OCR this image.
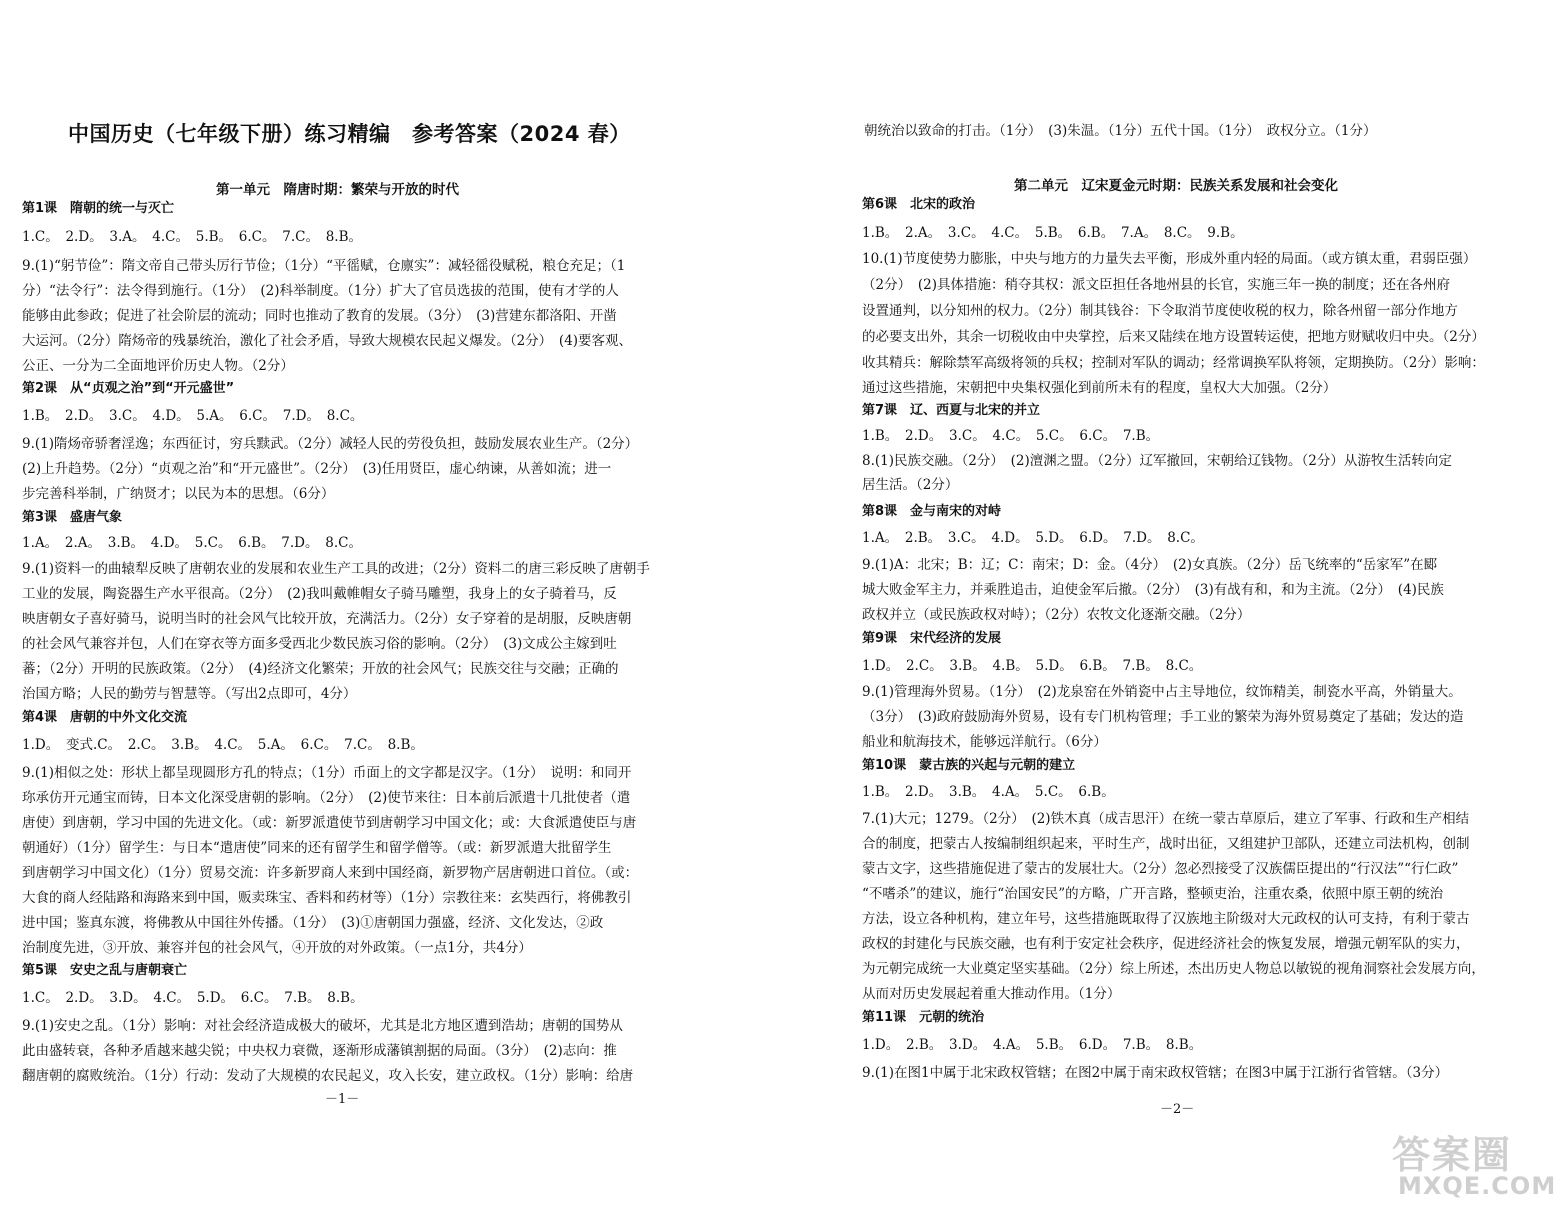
中国历史（七年级下册）练习精编　参考答案（2024 春）
第一单元　隋唐时期：繁荣与开放的时代
第1课　隋朝的统一与灭亡
1.C。　2.D。　3.A。　4.C。　5.B。　6.C。　7.C。　8.B。
9.(1)“躬节俭”：隋文帝自己带头厉行节俭；（1分）“平徭赋，仓廪实”：减轻徭役赋税，粮仓充足；（1
分）“法令行”：法令得到施行。（1分）　(2)科举制度。（1分）扩大了官员选拔的范围，使有才学的人
能够由此参政；促进了社会阶层的流动；同时也推动了教育的发展。（3分）　(3)营建东都洛阳、开凿
大运河。（2分）隋炀帝的残暴统治，激化了社会矛盾，导致大规模农民起义爆发。（2分）　(4)要客观、
公正、一分为二全面地评价历史人物。（2分）
第2课　从“贞观之治”到“开元盛世”
1.B。　2.D。　3.C。　4.D。　5.A。　6.C。　7.D。　8.C。
9.(1)隋炀帝骄奢淫逸；东西征讨，穷兵黩武。（2分）减轻人民的劳役负担，鼓励发展农业生产。（2分）
(2)上升趋势。（2分）“贞观之治”和“开元盛世”。（2分）　(3)任用贤臣，虚心纳谏，从善如流；进一
步完善科举制，广纳贤才；以民为本的思想。（6分）
第3课　盛唐气象
1.A。　2.A。　3.B。　4.D。　5.C。　6.B。　7.D。　8.C。
9.(1)资料一的曲辕犁反映了唐朝农业的发展和农业生产工具的改进；（2分）资料二的唐三彩反映了唐朝手
工业的发展，陶瓷器生产水平很高。（2分）　(2)我叫戴帷帽女子骑马雕塑，我身上的女子骑着马，反
映唐朝女子喜好骑马，说明当时的社会风气比较开放，充满活力。（2分）女子穿着的是胡服，反映唐朝
的社会风气兼容并包，人们在穿衣等方面多受西北少数民族习俗的影响。（2分）　(3)文成公主嫁到吐
蕃；（2分）开明的民族政策。（2分）　(4)经济文化繁荣；开放的社会风气；民族交往与交融；正确的
治国方略；人民的勤劳与智慧等。（写出2点即可，4分）
第4课　唐朝的中外文化交流
1.D。　变式.C。　2.C。　3.B。　4.C。　5.A。　6.C。　7.C。　8.B。
9.(1)相似之处：形状上都呈现圆形方孔的特点；（1分）币面上的文字都是汉字。（1分）　说明：和同开
珎承仿开元通宝而铸，日本文化深受唐朝的影响。（2分）　(2)使节来往：日本前后派遣十几批使者（遣
唐使）到唐朝，学习中国的先进文化。（或：新罗派遣使节到唐朝学习中国文化；或：大食派遣使臣与唐
朝通好）（1分）留学生：与日本“遣唐使”同来的还有留学生和留学僧等。（或：新罗派遣大批留学生
到唐朝学习中国文化）（1分）贸易交流：许多新罗商人来到中国经商，新罗物产居唐朝进口首位。（或：
大食的商人经陆路和海路来到中国，贩卖珠宝、香料和药材等）（1分）宗教往来：玄奘西行，将佛教引
进中国；鉴真东渡，将佛教从中国往外传播。（1分）　(3)①唐朝国力强盛，经济、文化发达，②政
治制度先进，③开放、兼容并包的社会风气，④开放的对外政策。（一点1分，共4分）
第5课　安史之乱与唐朝衰亡
1.C。　2.D。　3.D。　4.C。　5.D。　6.C。　7.B。　8.B。
9.(1)安史之乱。（1分）影响：对社会经济造成极大的破坏，尤其是北方地区遭到浩劫；唐朝的国势从
此由盛转衰，各种矛盾越来越尖锐；中央权力衰微，逐渐形成藩镇割据的局面。（3分）　(2)志向：推
翻唐朝的腐败统治。（1分）行动：发动了大规模的农民起义，攻入长安，建立政权。（1分）影响：给唐
－1－
朝统治以致命的打击。（1分）　(3)朱温。（1分）五代十国。（1分）　政权分立。（1分）
第二单元　辽宋夏金元时期：民族关系发展和社会变化
第6课　北宋的政治
1.B。　2.A。　3.C。　4.C。　5.B。　6.B。　7.A。　8.C。　9.B。
10.(1)节度使势力膨胀，中央与地方的力量失去平衡，形成外重内轻的局面。（或方镇太重，君弱臣强）
（2分）　(2)具体措施：稍夺其权：派文臣担任各地州县的长官，实施三年一换的制度；还在各州府
设置通判，以分知州的权力。（2分）制其钱谷：下令取消节度使收税的权力，除各州留一部分作地方
的必要支出外，其余一切税收由中央掌控，后来又陆续在地方设置转运使，把地方财赋收归中央。（2分）
收其精兵：解除禁军高级将领的兵权；控制对军队的调动；经常调换军队将领，定期换防。（2分）影响：
通过这些措施，宋朝把中央集权强化到前所未有的程度，皇权大大加强。（2分）
第7课　辽、西夏与北宋的并立
1.B。　2.D。　3.C。　4.C。　5.C。　6.C。　7.B。
8.(1)民族交融。（2分）　(2)澶渊之盟。（2分）辽军撤回，宋朝给辽钱物。（2分）从游牧生活转向定
居生活。（2分）
第8课　金与南宋的对峙
1.A。　2.B。　3.C。　4.D。　5.D。　6.D。　7.D。　8.C。
9.(1)A：北宋；B：辽；C：南宋；D：金。（4分）　(2)女真族。（2分）岳飞统率的“岳家军”在郾
城大败金军主力，并乘胜追击，迫使金军后撤。（2分）　(3)有战有和，和为主流。（2分）　(4)民族
政权并立（或民族政权对峙）；（2分）农牧文化逐渐交融。（2分）
第9课　宋代经济的发展
1.D。　2.C。　3.B。　4.B。　5.D。　6.B。　7.B。　8.C。
9.(1)管理海外贸易。（1分）　(2)龙泉窑在外销瓷中占主导地位，纹饰精美，制瓷水平高，外销量大。
（3分）　(3)政府鼓励海外贸易，设有专门机构管理；手工业的繁荣为海外贸易奠定了基础；发达的造
船业和航海技术，能够远洋航行。（6分）
第10课　蒙古族的兴起与元朝的建立
1.B。　2.D。　3.B。　4.A。　5.C。　6.B。
7.(1)大元；1279。（2分）　(2)铁木真（成吉思汗）在统一蒙古草原后，建立了军事、行政和生产相结
合的制度，把蒙古人按编制组织起来，平时生产，战时出征，又组建护卫部队，还建立司法机构，创制
蒙古文字，这些措施促进了蒙古的发展壮大。（2分）忽必烈接受了汉族儒臣提出的“行汉法”“行仁政”
“不嗜杀”的建议，施行“治国安民”的方略，广开言路，整顿吏治，注重农桑，依照中原王朝的统治
方法，设立各种机构，建立年号，这些措施既取得了汉族地主阶级对大元政权的认可支持，有利于蒙古
政权的封建化与民族交融，也有利于安定社会秩序，促进经济社会的恢复发展，增强元朝军队的实力，
为元朝完成统一大业奠定坚实基础。（2分）综上所述，杰出历史人物总以敏锐的视角洞察社会发展方向，
从而对历史发展起着重大推动作用。（1分）
第11课　元朝的统治
1.D。　2.B。　3.D。　4.A。　5.B。　6.D。　7.B。　8.B。
9.(1)在图1中属于北宋政权管辖；在图2中属于南宋政权管辖；在图3中属于江浙行省管辖。（3分）
－2－
答案圈
MXQE.COM
